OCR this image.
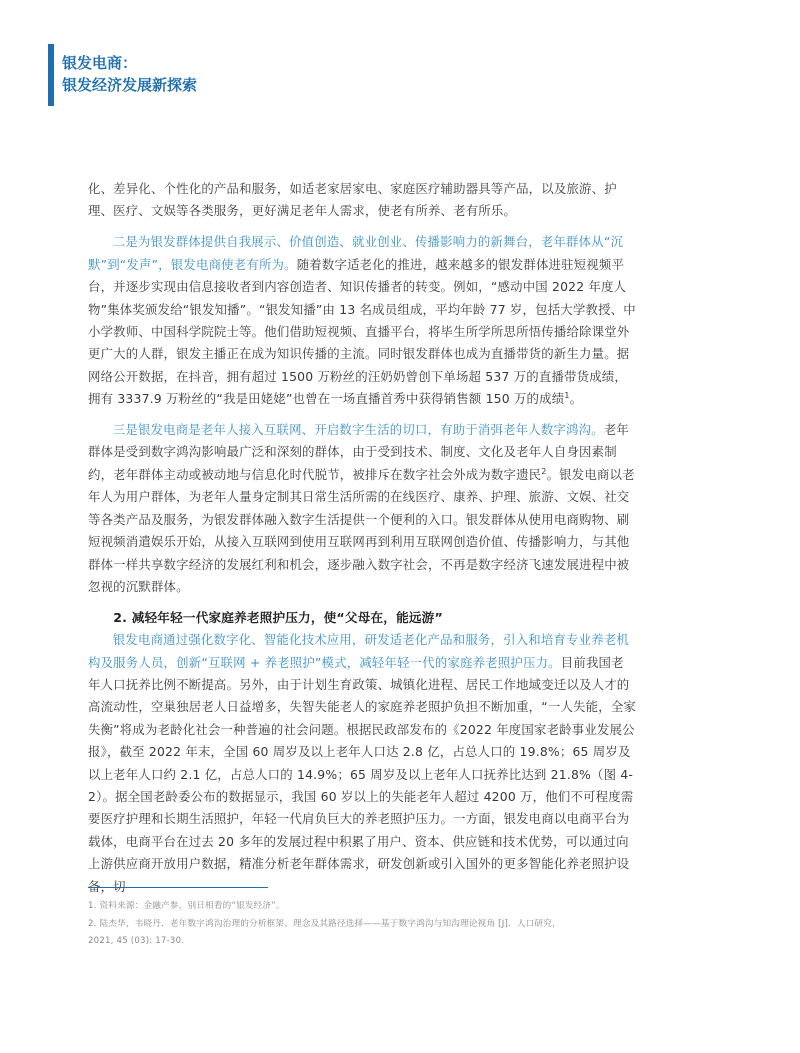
银发电商：
银发经济发展新探索

化、差异化、个性化的产品和服务，如适老家居家电、家庭医疗辅助器具等产品，以及旅游、护理、医疗、文娱等各类服务，更好满足老年人需求，使老有所养、老有所乐。

二是为银发群体提供自我展示、价值创造、就业创业、传播影响力的新舞台，老年群体从“沉默”到“发声”，银发电商使老有所为。随着数字适老化的推进，越来越多的银发群体进驻短视频平台，并逐步实现由信息接收者到内容创造者、知识传播者的转变。例如，“感动中国 2022 年度人物”集体奖颁发给“银发知播”。“银发知播”由 13 名成员组成，平均年龄 77 岁，包括大学教授、中小学教师、中国科学院院士等。他们借助短视频、直播平台，将毕生所学所思所悟传播给除课堂外更广大的人群，银发主播正在成为知识传播的主流。同时银发群体也成为直播带货的新生力量。据网络公开数据，在抖音，拥有超过 1500 万粉丝的汪奶奶曾创下单场超 537 万的直播带货成绩，拥有 3337.9 万粉丝的“我是田姥姥”也曾在一场直播首秀中获得销售额 150 万的成绩$^1$。

三是银发电商是老年人接入互联网、开启数字生活的切口，有助于消弭老年人数字鸿沟。老年群体是受到数字鸿沟影响最广泛和深刻的群体，由于受到技术、制度、文化及老年人自身因素制约，老年群体主动或被动地与信息化时代脱节，被排斥在数字社会外成为数字遗民$^2$。银发电商以老年人为用户群体，为老年人量身定制其日常生活所需的在线医疗、康养、护理、旅游、文娱、社交等各类产品及服务，为银发群体融入数字生活提供一个便利的入口。银发群体从使用电商购物、刷短视频消遣娱乐开始，从接入互联网到使用互联网再到利用互联网创造价值、传播影响力，与其他群体一样共享数字经济的发展红利和机会，逐步融入数字社会，不再是数字经济飞速发展进程中被忽视的沉默群体。

2. 减轻年轻一代家庭养老照护压力，使“父母在，能远游”

银发电商通过强化数字化、智能化技术应用，研发适老化产品和服务，引入和培育专业养老机构及服务人员，创新“互联网 + 养老照护”模式，减轻年轻一代的家庭养老照护压力。目前我国老年人口抚养比例不断提高。另外，由于计划生育政策、城镇化进程、居民工作地域变迁以及人才的高流动性，空巢独居老人日益增多，失智失能老人的家庭养老照护负担不断加重，“一人失能，全家失衡”将成为老龄化社会一种普遍的社会问题。根据民政部发布的《2022 年度国家老龄事业发展公报》，截至 2022 年末，全国 60 周岁及以上老年人口达 2.8 亿，占总人口的 19.8%；65 周岁及以上老年人口约 2.1 亿，占总人口的 14.9%；65 周岁及以上老年人口抚养比达到 21.8%（图 4-2）。据全国老龄委公布的数据显示，我国 60 岁以上的失能老年人超过 4200 万，他们不可程度需要医疗护理和长期生活照护，年轻一代肩负巨大的养老照护压力。一方面，银发电商以电商平台为载体，电商平台在过去 20 多年的发展过程中积累了用户、资本、供应链和技术优势，可以通过向上游供应商开放用户数据，精准分析老年群体需求，研发创新或引入国外的更多智能化养老照护设备，切

1. 资料来源：金融产参，别日相看的“银发经济”。

2. 陆杰华，韦晓丹．老年数字鸿沟治理的分析框架、理念及其路径选择——基于数字鸿沟与知沟理论视角 [J]．人口研究，

2021, 45 (03): 17-30.
